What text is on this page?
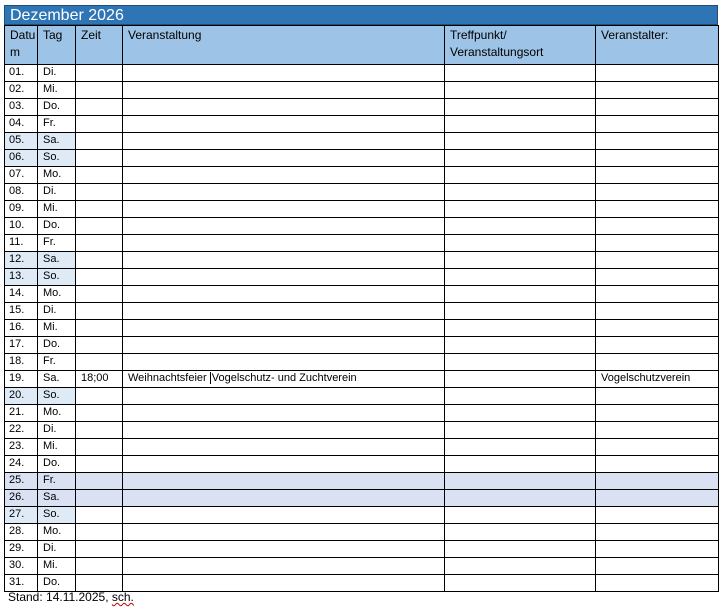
Dezember 2026
Datum	Tag	Zeit	Veranstaltung	Treffpunkt/ Veranstaltungsort	Veranstalter:
01.	Di.				
02.	Mi.				
03.	Do.				
04.	Fr.				
05.	Sa.				
06.	So.				
07.	Mo.				
08.	Di.				
09.	Mi.				
10.	Do.				
11.	Fr.				
12.	Sa.				
13.	So.				
14.	Mo.				
15.	Di.				
16.	Mi.				
17.	Do.				
18.	Fr.				
19.	Sa.	18;00	Weihnachtsfeier Vogelschutz- und Zuchtverein		Vogelschutzverein
20.	So.				
21.	Mo.				
22.	Di.				
23.	Mi.				
24.	Do.				
25.	Fr.				
26.	Sa.				
27.	So.				
28.	Mo.				
29.	Di.				
30.	Mi.				
31.	Do.				
Stand: 14.11.2025, sch.
